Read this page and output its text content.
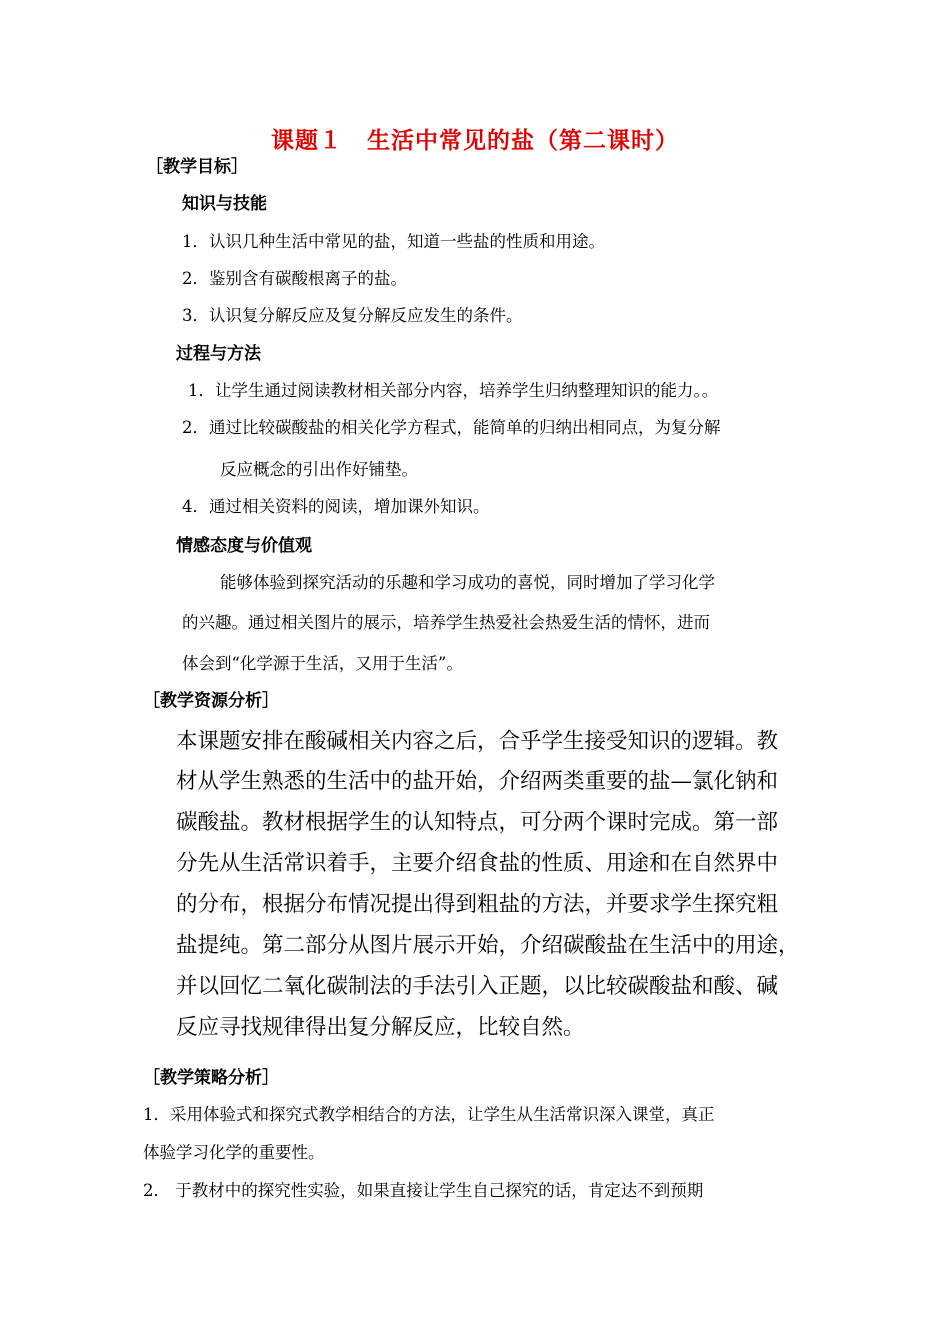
课题１　生活中常见的盐（第二课时）
［教学目标］
知识与技能
1．认识几种生活中常见的盐，知道一些盐的性质和用途。
2．鉴别含有碳酸根离子的盐。
3．认识复分解反应及复分解反应发生的条件。
过程与方法
1．让学生通过阅读教材相关部分内容，培养学生归纳整理知识的能力。。
2．通过比较碳酸盐的相关化学方程式，能简单的归纳出相同点，为复分解
反应概念的引出作好铺垫。
4．通过相关资料的阅读，增加课外知识。
情感态度与价值观
能够体验到探究活动的乐趣和学习成功的喜悦，同时增加了学习化学
的兴趣。通过相关图片的展示，培养学生热爱社会热爱生活的情怀，进而
体会到“化学源于生活，又用于生活”。
［教学资源分析］
本课题安排在酸碱相关内容之后，合乎学生接受知识的逻辑。教
材从学生熟悉的生活中的盐开始，介绍两类重要的盐—氯化钠和
碳酸盐。教材根据学生的认知特点，可分两个课时完成。第一部
分先从生活常识着手，主要介绍食盐的性质、用途和在自然界中
的分布，根据分布情况提出得到粗盐的方法，并要求学生探究粗
盐提纯。第二部分从图片展示开始，介绍碳酸盐在生活中的用途，
并以回忆二氧化碳制法的手法引入正题，以比较碳酸盐和酸、碱
反应寻找规律得出复分解反应，比较自然。
［教学策略分析］
1．采用体验式和探究式教学相结合的方法，让学生从生活常识深入课堂，真正
体验学习化学的重要性。
2． 于教材中的探究性实验，如果直接让学生自己探究的话，肯定达不到预期
